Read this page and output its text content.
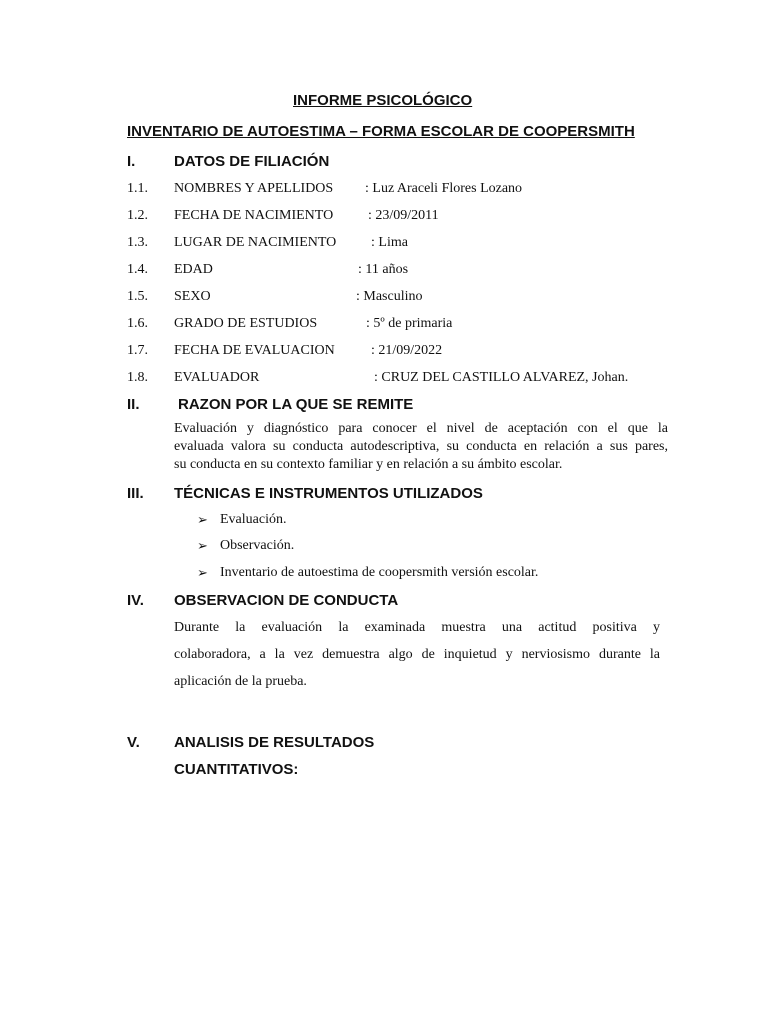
INFORME PSICOLÓGICO
INVENTARIO DE AUTOESTIMA – FORMA ESCOLAR DE COOPERSMITH
I.	DATOS DE FILIACIÓN
1.1. NOMBRES Y APELLIDOS : Luz Araceli Flores Lozano
1.2. FECHA DE NACIMIENTO : 23/09/2011
1.3. LUGAR DE NACIMIENTO : Lima
1.4. EDAD	: 11 años
1.5. SEXO	: Masculino
1.6. GRADO DE ESTUDIOS	: 5º de primaria
1.7. FECHA DE EVALUACION	: 21/09/2022
1.8. EVALUADOR	: CRUZ DEL CASTILLO ALVAREZ, Johan.
II.	RAZON POR LA QUE SE REMITE
Evaluación y diagnóstico para conocer el nivel de aceptación con el que la
evaluada valora su conducta autodescriptiva, su conducta en relación a sus pares,
su conducta en su contexto familiar y en relación a su ámbito escolar.
III. TÉCNICAS E INSTRUMENTOS UTILIZADOS
➢ Evaluación.
➢ Observación.
➢ Inventario de autoestima de coopersmith versión escolar.
IV. OBSERVACION DE CONDUCTA
Durante la evaluación la examinada muestra una actitud positiva y
colaboradora, a la vez demuestra algo de inquietud y nerviosismo durante la
aplicación de la prueba.
V. ANALISIS DE RESULTADOS
CUANTITATIVOS:
